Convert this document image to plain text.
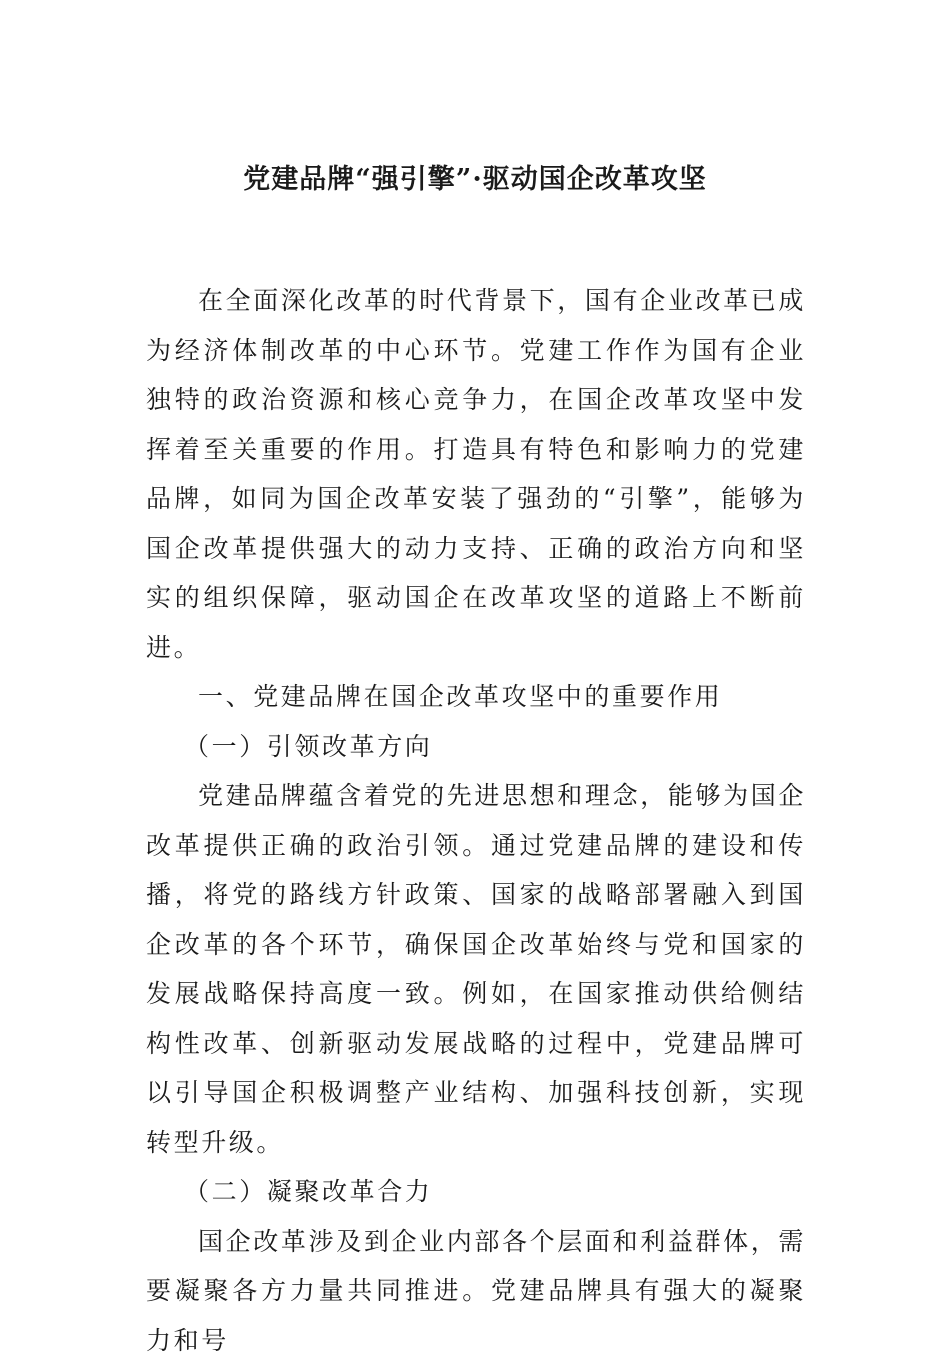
党建品牌“强引擎”·驱动国企改革攻坚

在全面深化改革的时代背景下，国有企业改革已成为经济体制改革的中心环节。党建工作作为国有企业独特的政治资源和核心竞争力，在国企改革攻坚中发挥着至关重要的作用。打造具有特色和影响力的党建品牌，如同为国企改革安装了强劲的“引擎”，能够为国企改革提供强大的动力支持、正确的政治方向和坚实的组织保障，驱动国企在改革攻坚的道路上不断前进。

一、党建品牌在国企改革攻坚中的重要作用

（一）引领改革方向

党建品牌蕴含着党的先进思想和理念，能够为国企改革提供正确的政治引领。通过党建品牌的建设和传播，将党的路线方针政策、国家的战略部署融入到国企改革的各个环节，确保国企改革始终与党和国家的发展战略保持高度一致。例如，在国家推动供给侧结构性改革、创新驱动发展战略的过程中，党建品牌可以引导国企积极调整产业结构、加强科技创新，实现转型升级。

（二）凝聚改革合力

国企改革涉及到企业内部各个层面和利益群体，需要凝聚各方力量共同推进。党建品牌具有强大的凝聚力和号
